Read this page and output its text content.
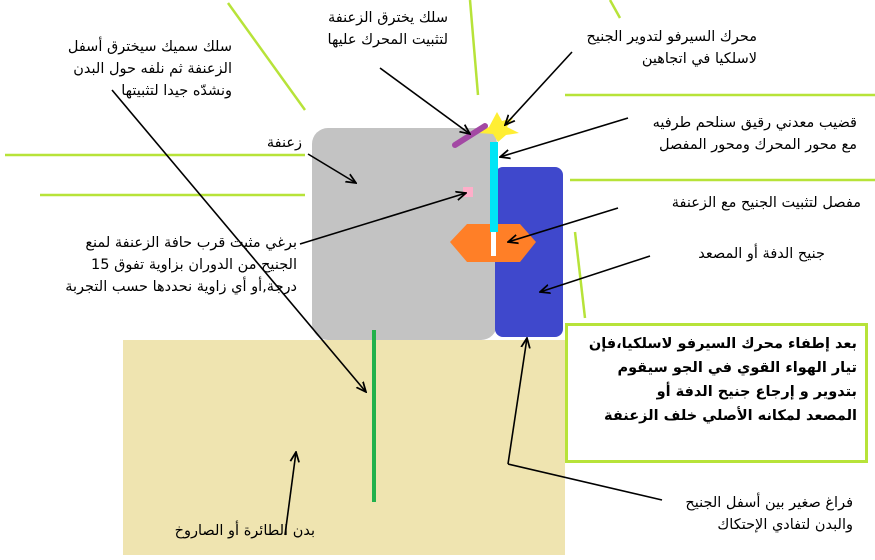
سلك سميك سيخترق أسفل
الزعنفة ثم نلفه حول البدن
ونشدّه جيدا لتثبيتها
سلك يخترق الزعنفة
لتثبيت المحرك عليها	محرك السيرفو لتدوير الجنيح
لاسلكيا في اتجاهين
قضيب معدني رقيق سنلحم طرفيه
مع محور المحرك ومحور المفصل
زعنفة
مفصل لتثبيت الجنيح مع الزعنفة
جنيح الدفة أو المصعد
برغي مثبت قرب حافة الزعنفة لمنع
الجنيح من الدوران بزاوية تفوق 15
درجة,أو أي زاوية نحددها حسب التجربة
بدن الطائرة أو الصاروخ
فراغ صغير بين أسفل الجنيح
والبدن لتفادي الإحتكاك
بعد إطفاء محرك السيرفو لاسلكيا،فإن
تيار الهواء القوي في الجو سيقوم
بتدوير و إرجاع جنيح الدفة أو
المصعد لمكانه الأصلي خلف الزعنفة
